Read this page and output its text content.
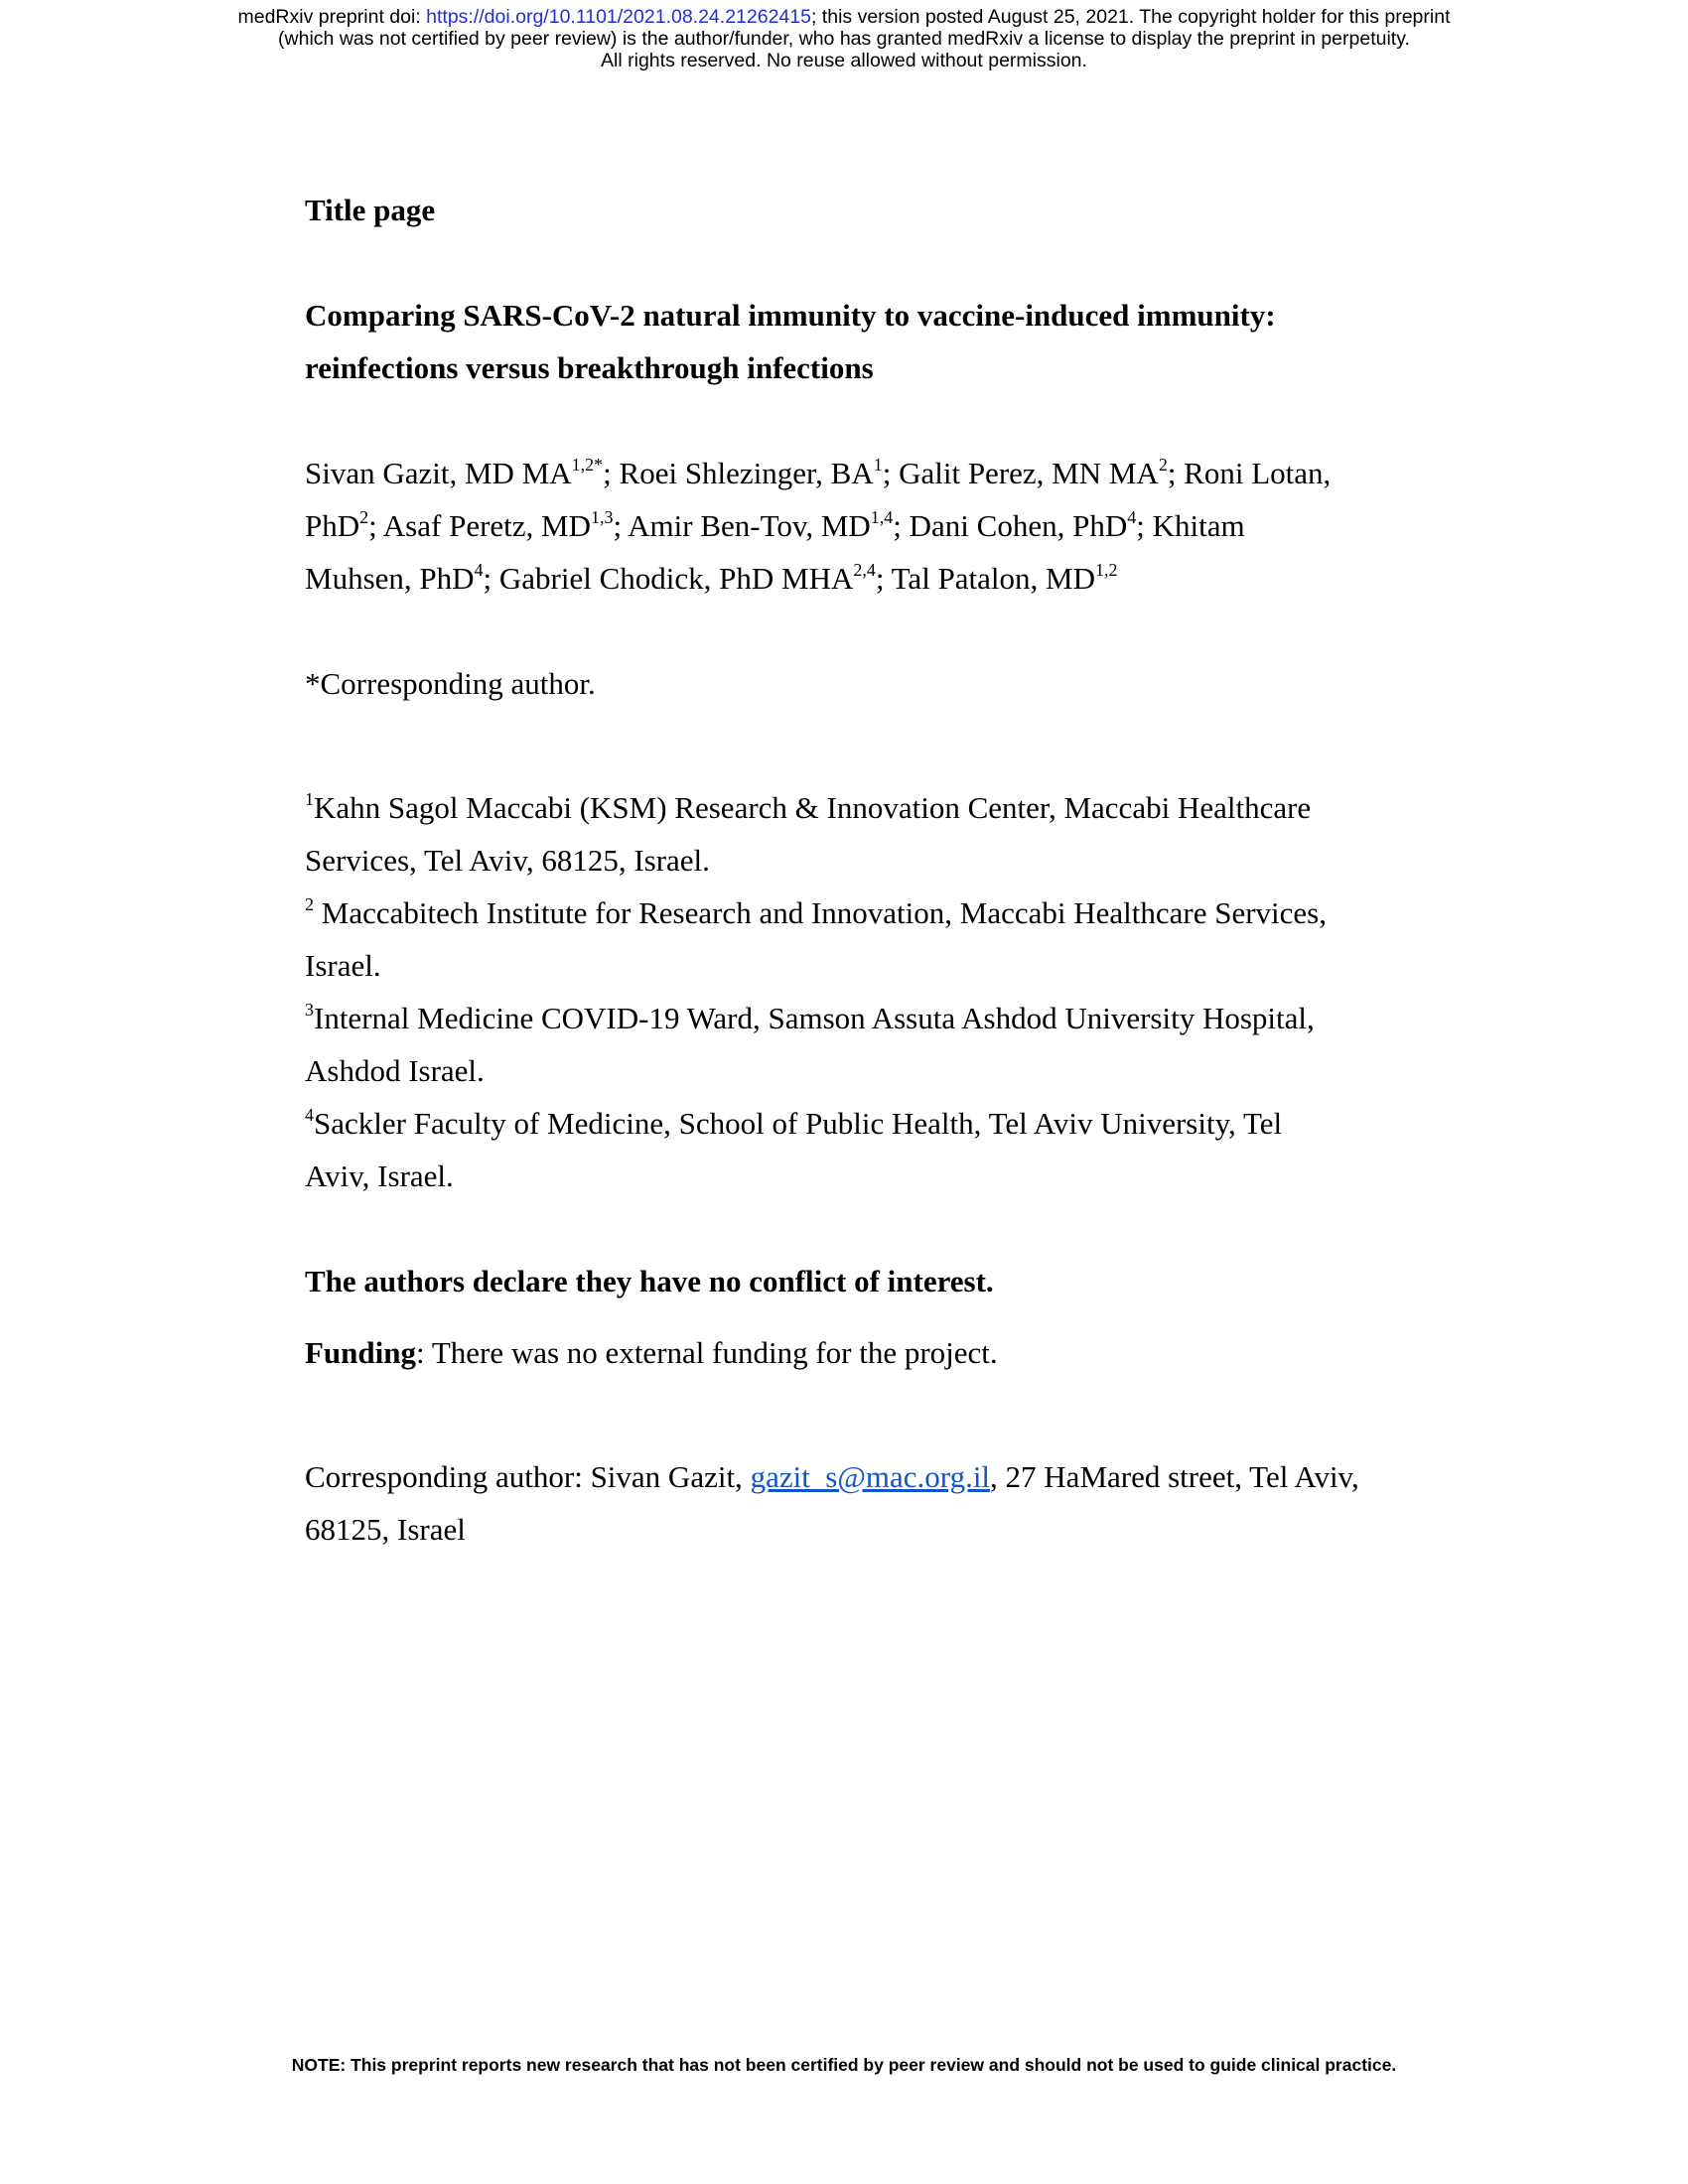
medRxiv preprint doi: https://doi.org/10.1101/2021.08.24.21262415; this version posted August 25, 2021. The copyright holder for this preprint
(which was not certified by peer review) is the author/funder, who has granted medRxiv a license to display the preprint in perpetuity.
All rights reserved. No reuse allowed without permission.

Title page

Comparing SARS-CoV-2 natural immunity to vaccine-induced immunity:

reinfections versus breakthrough infections

Sivan Gazit, MD $MA^{1,2*}$; Roei Shlezinger, $BA^1$; Galit Perez, MN $MA^2$; Roni Lotan,

PhD$^2$; Asaf Peretz, MD$^{1,3}$; Amir Ben-Tov, MD$^{1,4}$; Dani Cohen, PhD$^4$; Khitam

Muhsen, PhD$^4$; Gabriel Chodick, PhD MHA$^{2,4}$; Tal Patalon, MD$^{1,2}$

*Corresponding author.

$^1$Kahn Sagol Maccabi (KSM) Research & Innovation Center, Maccabi Healthcare

Services, Tel Aviv, 68125, Israel.

$^2$ Maccabitech Institute for Research and Innovation, Maccabi Healthcare Services,

Israel.

$^3$Internal Medicine COVID-19 Ward, Samson Assuta Ashdod University Hospital,

Ashdod Israel.

$^4$Sackler Faculty of Medicine, School of Public Health, Tel Aviv University, Tel

Aviv, Israel.

The authors declare they have no conflict of interest.

Funding: There was no external funding for the project.

Corresponding author: Sivan Gazit, gazit_s@mac.org.il, 27 HaMared street, Tel Aviv,

68125, Israel

NOTE: This preprint reports new research that has not been certified by peer review and should not be used to guide clinical practice.
